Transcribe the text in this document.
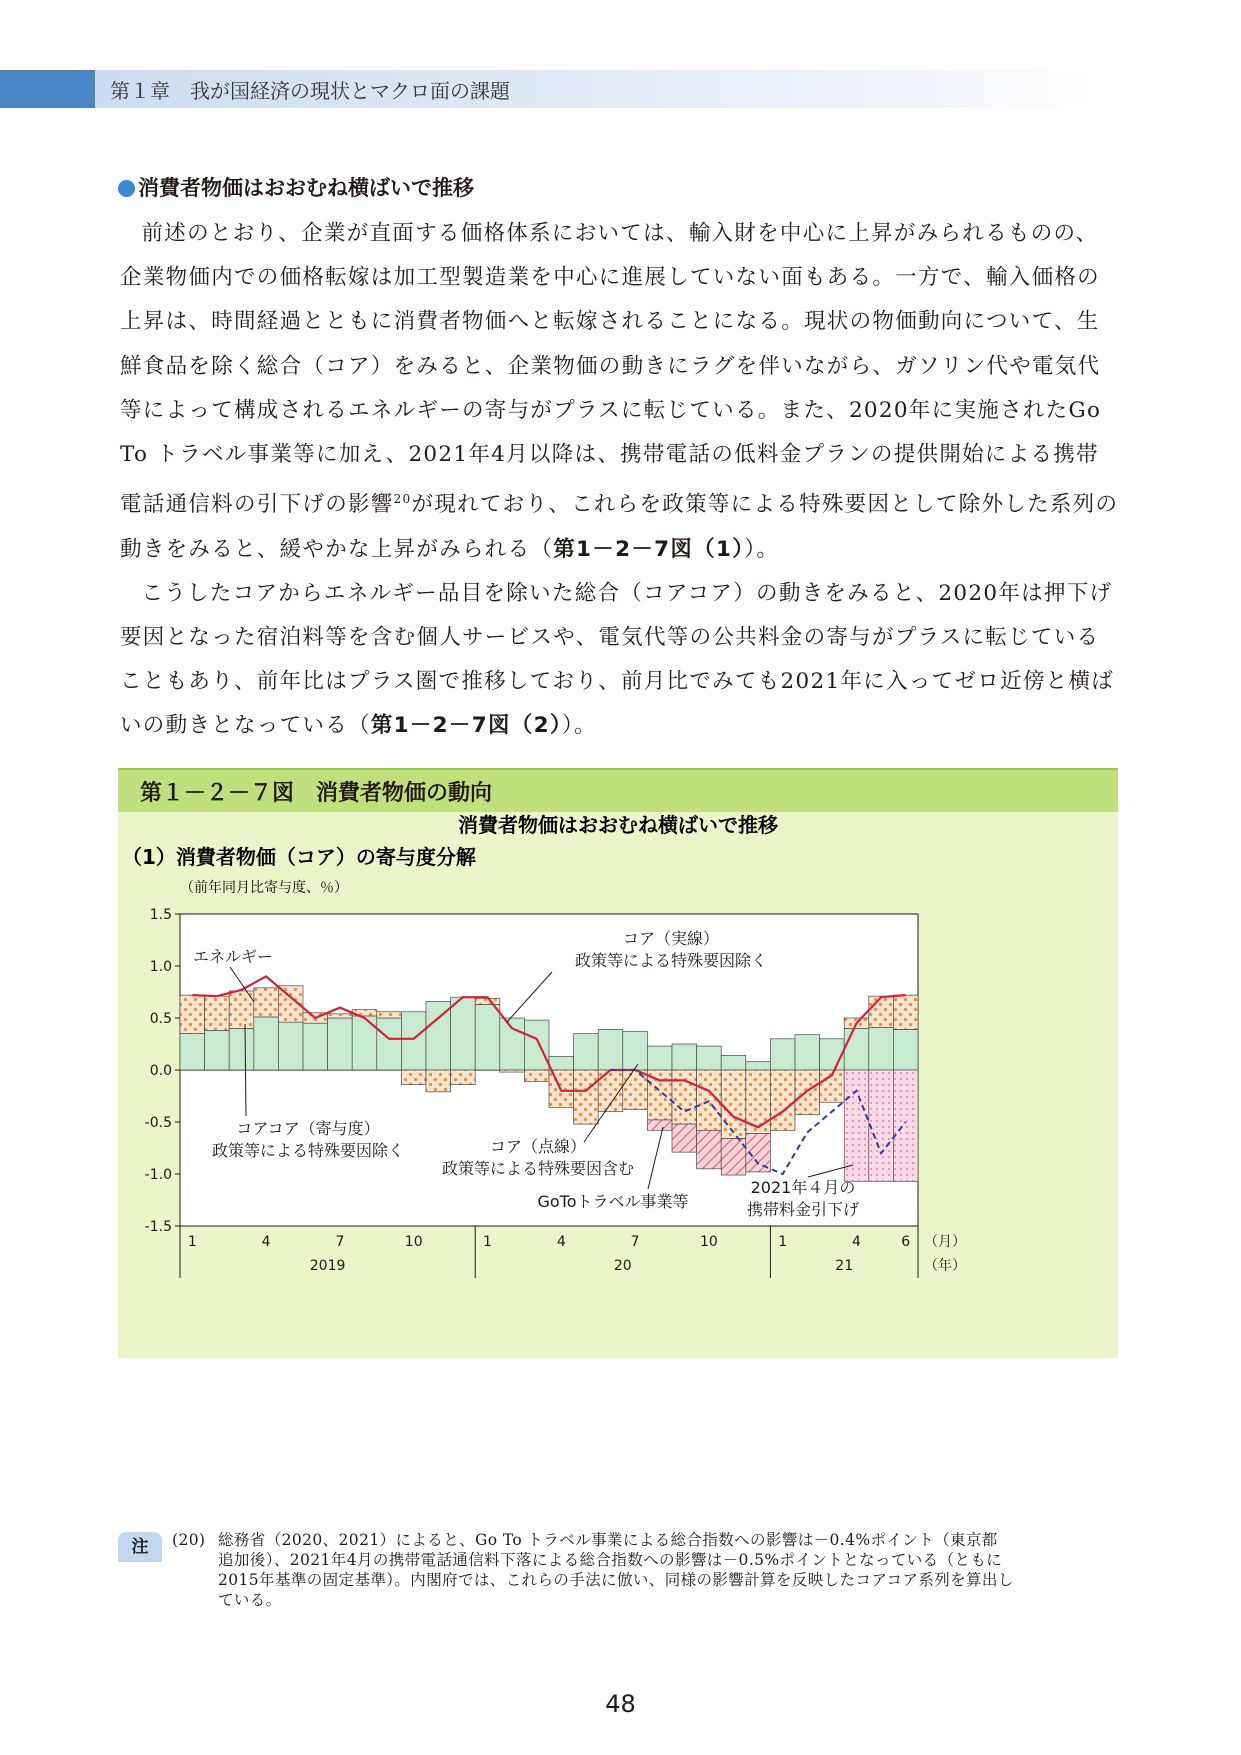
第１章　我が国経済の現状とマクロ面の課題
消費者物価はおおむね横ばいで推移

前述のとおり、企業が直面する価格体系においては、輸入財を中心に上昇がみられるものの、企業物価内での価格転嫁は加工型製造業を中心に進展していない面もある。一方で、輸入価格の上昇は、時間経過とともに消費者物価へと転嫁されることになる。現状の物価動向について、生鮮食品を除く総合（コア）をみると、企業物価の動きにラグを伴いながら、ガソリン代や電気代等によって構成されるエネルギーの寄与がプラスに転じている。また、2020年に実施されたGo To トラベル事業等に加え、2021年4月以降は、携帯電話の低料金プランの提供開始による携帯電話通信料の引下げの影響$^{20}$が現れており、これらを政策等による特殊要因として除外した系列の動きをみると、緩やかな上昇がみられる（第1－2－7図（1））。

こうしたコアからエネルギー品目を除いた総合（コアコア）の動きをみると、2020年は押下げ要因となった宿泊料等を含む個人サービスや、電気代等の公共料金の寄与がプラスに転じていることもあり、前年比はプラス圏で推移しており、前月比でみても2021年に入ってゼロ近傍と横ばいの動きとなっている（第1－2－7図（2））。

第１－２－７図　消費者物価の動向
消費者物価はおおむね横ばいで推移
（1）消費者物価（コア）の寄与度分解
（前年同月比寄与度、％）
1.5
1.0
0.5
0.0
-0.5
-1.0
-1.5
2019	20	21
1	4	7	10	1	4	7	10	1	4	6 （月）
（年）
エネルギー
コア（実線）
政策等による特殊要因除く
コアコア（寄与度）
政策等による特殊要因除く	コア（点線）
政策等による特殊要因含む
GoToトラベル事業等
2021年４月の
携帯料金引下げ
注	(20) 総務省（2020、2021）によると、Go To トラベル事業による総合指数への影響は－0.4%ポイント（東京都
追加後）、2021年4月の携帯電話通信料下落による総合指数への影響は－0.5%ポイントとなっている（ともに
2015年基準の固定基準）。内閣府では、これらの手法に倣い、同様の影響計算を反映したコアコア系列を算出し
ている。
48
